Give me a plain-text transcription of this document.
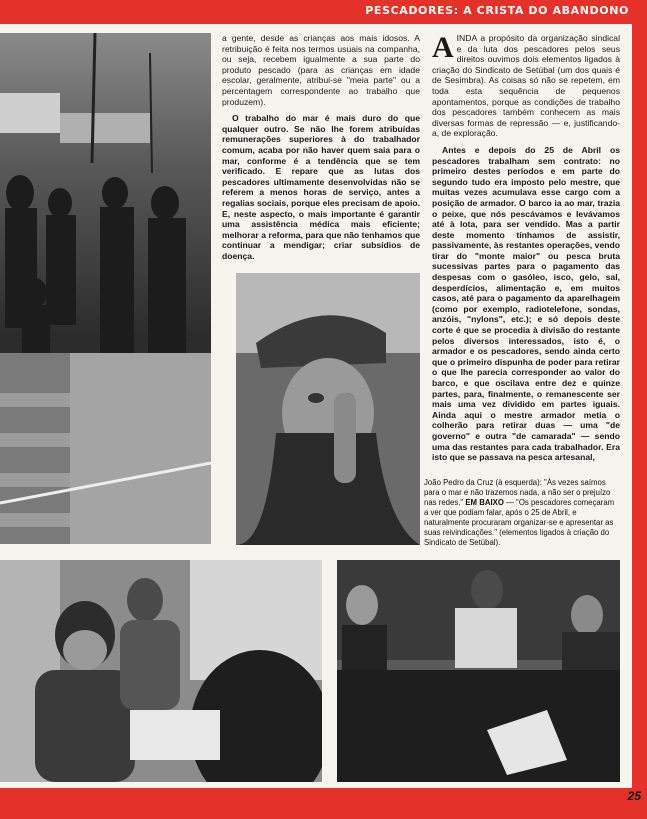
PESCADORES: A CRISTA DO ABANDONO

a gente, desde as crianças aos mais idosos. A retribuição é feita nos termos usuais na companha, ou seja, recebem igualmente a sua parte do produto pescado (para as crianças em idade escolar, geralmente, atribui-se "meia parte" ou a percentagem correspondente ao trabalho que produzem).

O trabalho do mar é mais duro do que qualquer outro. Se não lhe forem atribuídas remunerações superiores à do trabalhador comum, acaba por não haver quem saia para o mar, conforme é a tendência que se tem verificado. E repare que as lutas dos pescadores ultimamente desenvolvidas não se referem a menos horas de serviço, antes a regalias sociais, porque eles precisam de apoio. E, neste aspecto, o mais importante é garantir uma assistência médica mais eficiente; melhorar a reforma, para que não tenhamos que continuar a mendigar; criar subsídios de doença.

AINDA a propósito da organização sindical e da luta dos pescadores pelos seus direitos ouvimos dois elementos ligados à criação do Sindicato de Setúbal (um dos quais é de Sesimbra). As coisas só não se repetem, em toda esta sequência de pequenos apontamentos, porque as condições de trabalho dos pescadores também conhecem as mais diversas formas de repressão — e, justificando-a, de exploração.

Antes e depois do 25 de Abril os pescadores trabalham sem contrato: no primeiro destes períodos e em parte do segundo tudo era imposto pelo mestre, que muitas vezes acumulava esse cargo com a posição de armador. O barco ia ao mar, trazia o peixe, que nós pescávamos e levávamos até à lota, para ser vendido. Mas a partir deste momento tínhamos de assistir, passivamente, às restantes operações, vendo tirar do "monte maior" ou pesca bruta sucessivas partes para o pagamento das despesas com o gasóleo, isco, gelo, sal, desperdícios, alimentação e, em muitos casos, até para o pagamento da aparelhagem (como por exemplo, radiotelefone, sondas, anzóis, "nylons", etc.); e só depois deste corte é que se procedia à divisão do restante pelos diversos interessados, isto é, o armador e os pescadores, sendo ainda certo que o primeiro dispunha de poder para retirar o que lhe parecia corresponder ao valor do barco, e que oscilava entre dez e quinze partes, para, finalmente, o remanescente ser mais uma vez dividido em partes iguais. Ainda aqui o mestre armador metia o colherão para retirar duas — uma "de governo" e outra "de camarada" — sendo uma das restantes para cada trabalhador. Era isto que se passava na pesca artesanal,

João Pedro da Cruz (à esquerda): "Às vezes saímos para o mar e não trazemos nada, a não ser o prejuízo nas redes." EM BAIXO — "Os pescadores começaram a ver que podiam falar, após o 25 de Abril, e naturalmente procuraram organizar-se e apresentar as suas reivindicações." (elementos ligados à criação do Sindicato de Setúbal).
25
